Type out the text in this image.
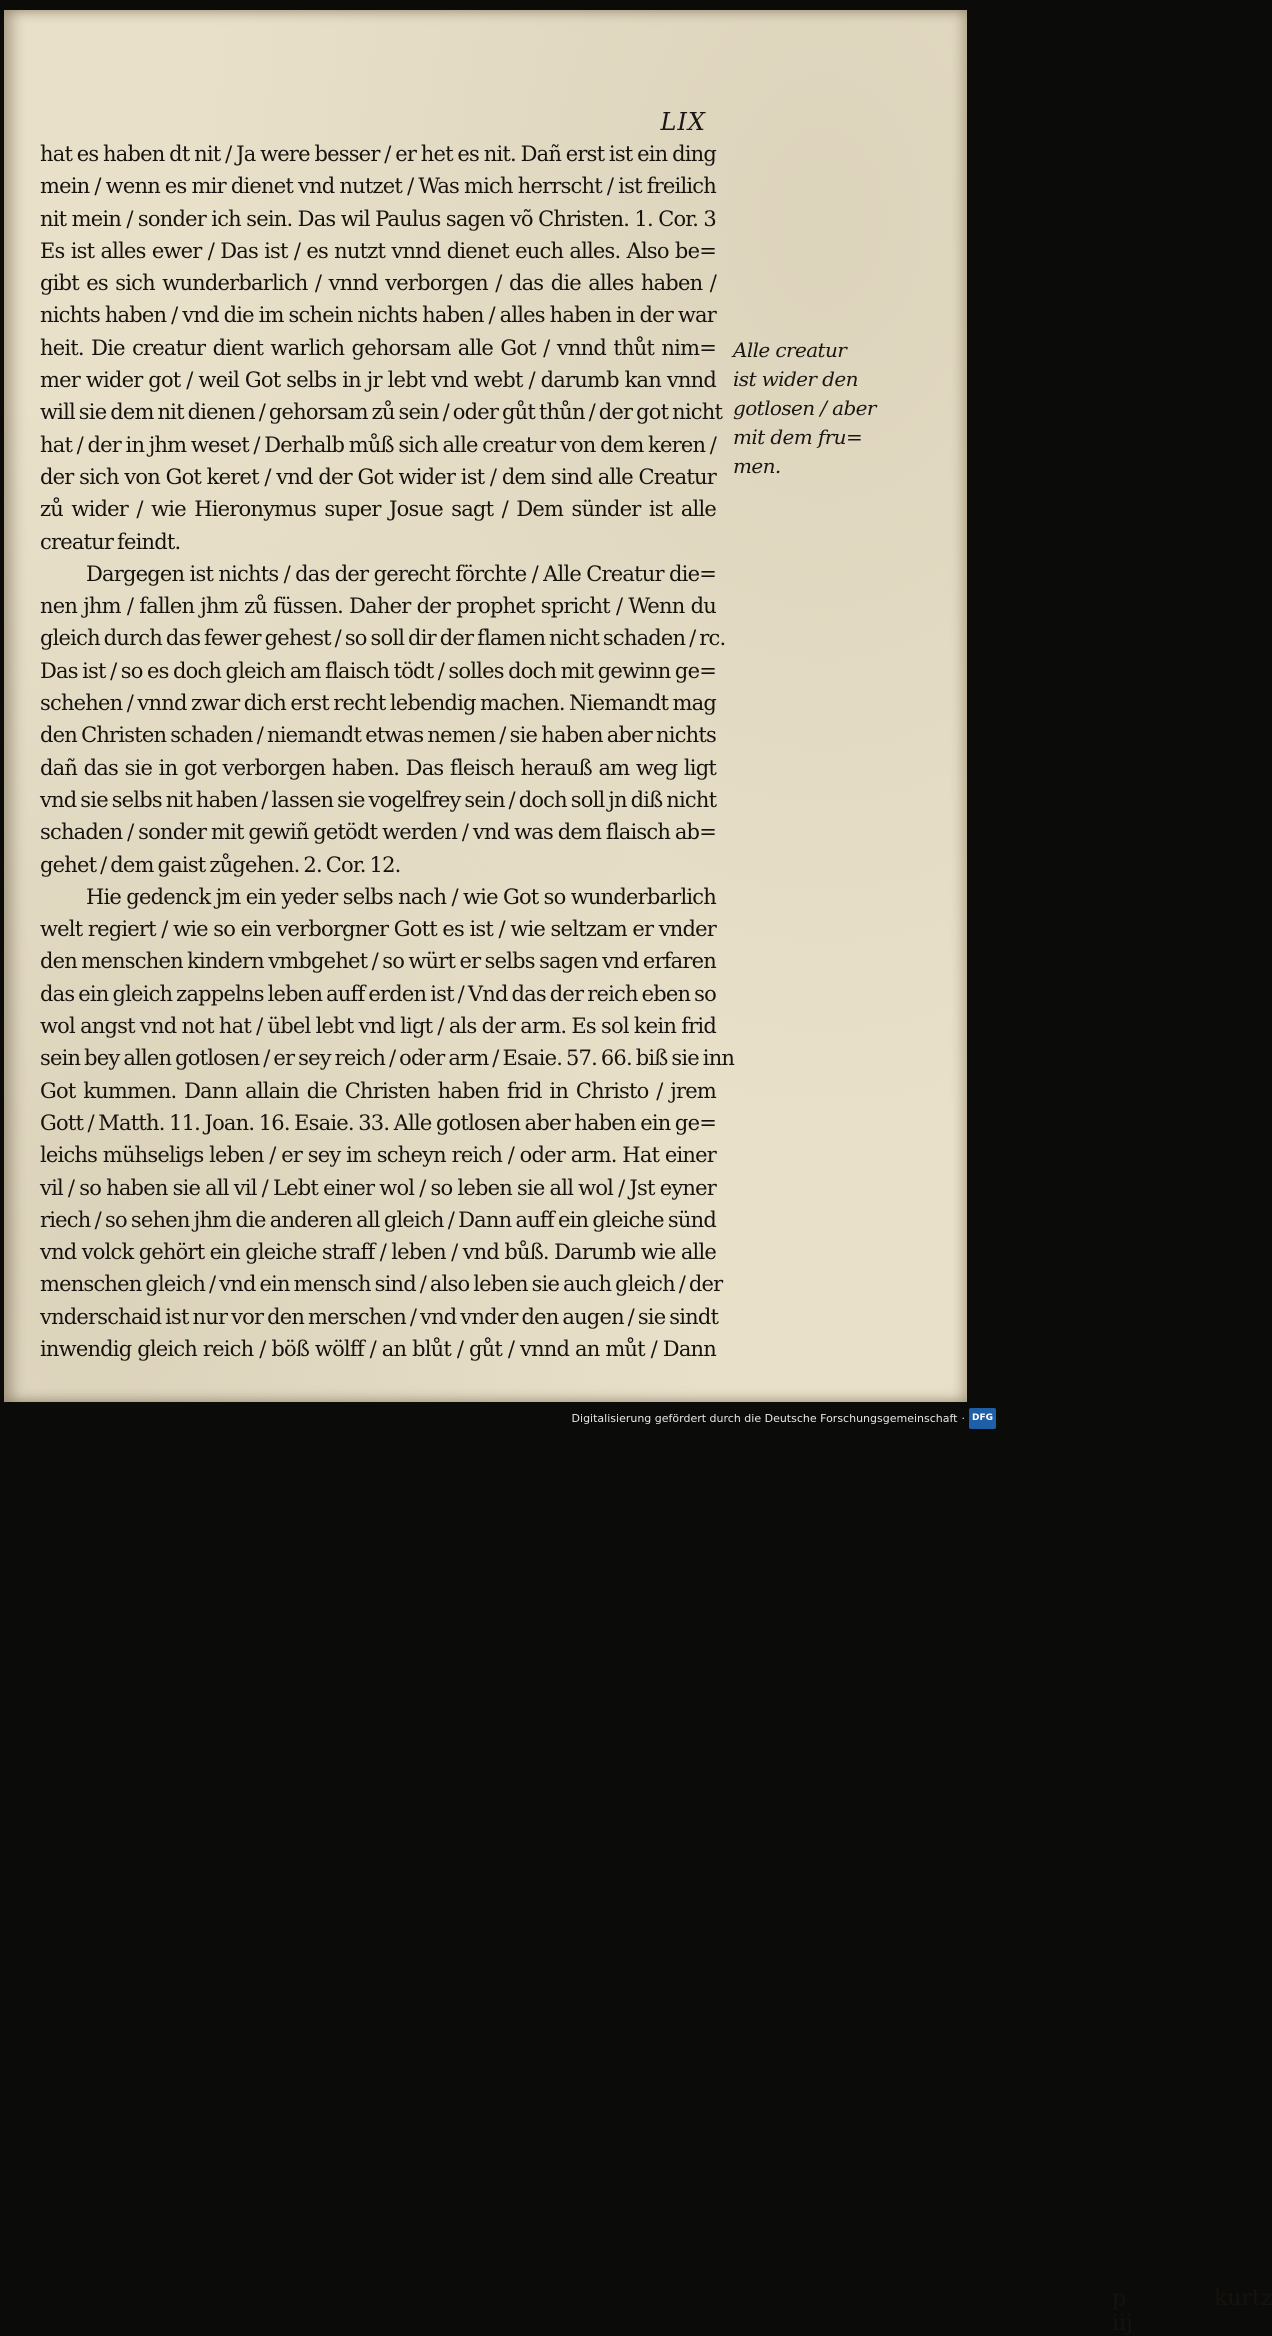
LIX
hat es haben dt nit / Ja were besser / er het es nit. Dañ erst ist ein ding
mein / wenn es mir dienet vnd nutzet / Was mich herrscht / ist freilich
nit mein / sonder ich sein. Das wil Paulus sagen võ Christen. 1. Cor. 3
Es ist alles ewer / Das ist / es nutzt vnnd dienet euch alles. Also be=
gibt es sich wunderbarlich / vnnd verborgen / das die alles haben /
nichts haben / vnd die im schein nichts haben / alles haben in der war
heit. Die creatur dient warlich gehorsam alle Got / vnnd thůt nim=
mer wider got / weil Got selbs in jr lebt vnd webt / darumb kan vnnd
will sie dem nit dienen / gehorsam zů sein / oder gůt thůn / der got nicht
hat / der in jhm weset / Derhalb můß sich alle creatur von dem keren /
der sich von Got keret / vnd der Got wider ist / dem sind alle Creatur
zů wider / wie Hieronymus super Josue sagt / Dem sünder ist alle
creatur feindt.
Dargegen ist nichts / das der gerecht förchte / Alle Creatur die=
nen jhm / fallen jhm zů füssen. Daher der prophet spricht / Wenn du
gleich durch das fewer gehest / so soll dir der flamen nicht schaden / rc.
Das ist / so es doch gleich am flaisch tödt / solles doch mit gewinn ge=
schehen / vnnd zwar dich erst recht lebendig machen. Niemandt mag
den Christen schaden / niemandt etwas nemen / sie haben aber nichts
dañ das sie in got verborgen haben. Das fleisch herauß am weg ligt
vnd sie selbs nit haben / lassen sie vogelfrey sein / doch soll jn diß nicht
schaden / sonder mit gewiñ getödt werden / vnd was dem flaisch ab=
gehet / dem gaist zůgehen. 2. Cor. 12.
Hie gedenck jm ein yeder selbs nach / wie Got so wunderbarlich
welt regiert / wie so ein verborgner Gott es ist / wie seltzam er vnder
den menschen kindern vmbgehet / so würt er selbs sagen vnd erfaren
das ein gleich zappelns leben auff erden ist / Vnd das der reich eben so
wol angst vnd not hat / übel lebt vnd ligt / als der arm. Es sol kein frid
sein bey allen gotlosen / er sey reich / oder arm / Esaie. 57. 66. biß sie inn
Got kummen. Dann allain die Christen haben frid in Christo / jrem
Gott / Matth. 11. Joan. 16. Esaie. 33. Alle gotlosen aber haben ein ge=
leichs mühseligs leben / er sey im scheyn reich / oder arm. Hat einer
vil / so haben sie all vil / Lebt einer wol / so leben sie all wol / Jst eyner
riech / so sehen jhm die anderen all gleich / Dann auff ein gleiche sünd
vnd volck gehört ein gleiche straff / leben / vnd bůß. Darumb wie alle
menschen gleich / vnd ein mensch sind / also leben sie auch gleich / der
vnderschaid ist nur vor den merschen / vnd vnder den augen / sie sindt
inwendig gleich reich / böß wölff / an blůt / gůt / vnnd an můt / Dann
Alle creatur
ist wider den
gotlosen / aber
mit dem fru=
men.
p iij
kurtz
Digitalisierung gefördert durch die Deutsche Forschungsgemeinschaft · DFG
